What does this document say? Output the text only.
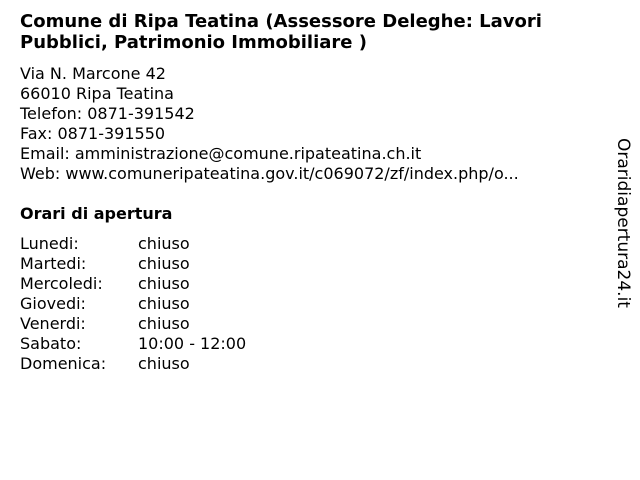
Comune di Ripa Teatina (Assessore Deleghe: Lavori Pubblici, Patrimonio Immobiliare )
Via N. Marcone 42
66010 Ripa Teatina
Telefon: 0871-391542
Fax: 0871-391550
Email: amministrazione@comune.ripateatina.ch.it
Web: www.comuneripateatina.gov.it/c069072/zf/index.php/o...
Orari di apertura
Lunedi:	chiuso
Martedi:	chiuso
Mercoledi:	chiuso
Giovedi:	chiuso
Venerdi:	chiuso
Sabato:	10:00 - 12:00
Domenica:	chiuso
Oraridiapertura24.it
